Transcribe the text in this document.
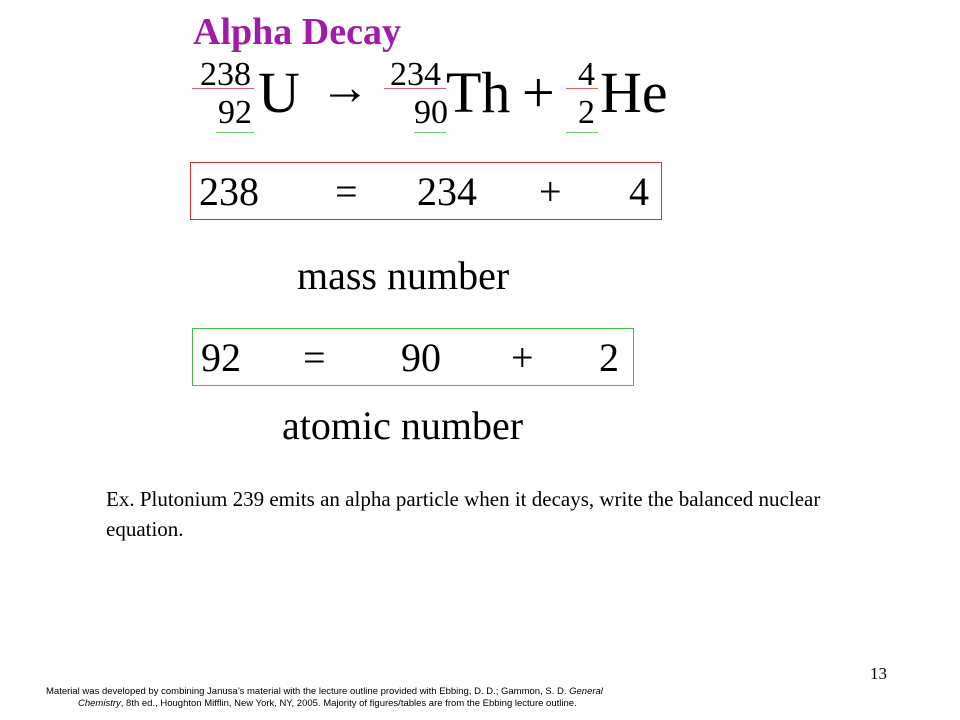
Alpha Decay
238
92 U → 234
90
Th + 4
2 He
238 = 234 + 4
mass number
92 = 90 + 2
atomic number
Ex. Plutonium 239 emits an alpha particle when it decays, write the balanced nuclear equation.
13
Material was developed by combining Janusa’s material with the lecture outline provided with Ebbing, D. D.; Gammon, S. D. General
Chemistry, 8th ed., Houghton Mifflin, New York, NY, 2005. Majority of figures/tables are from the Ebbing lecture outline.
